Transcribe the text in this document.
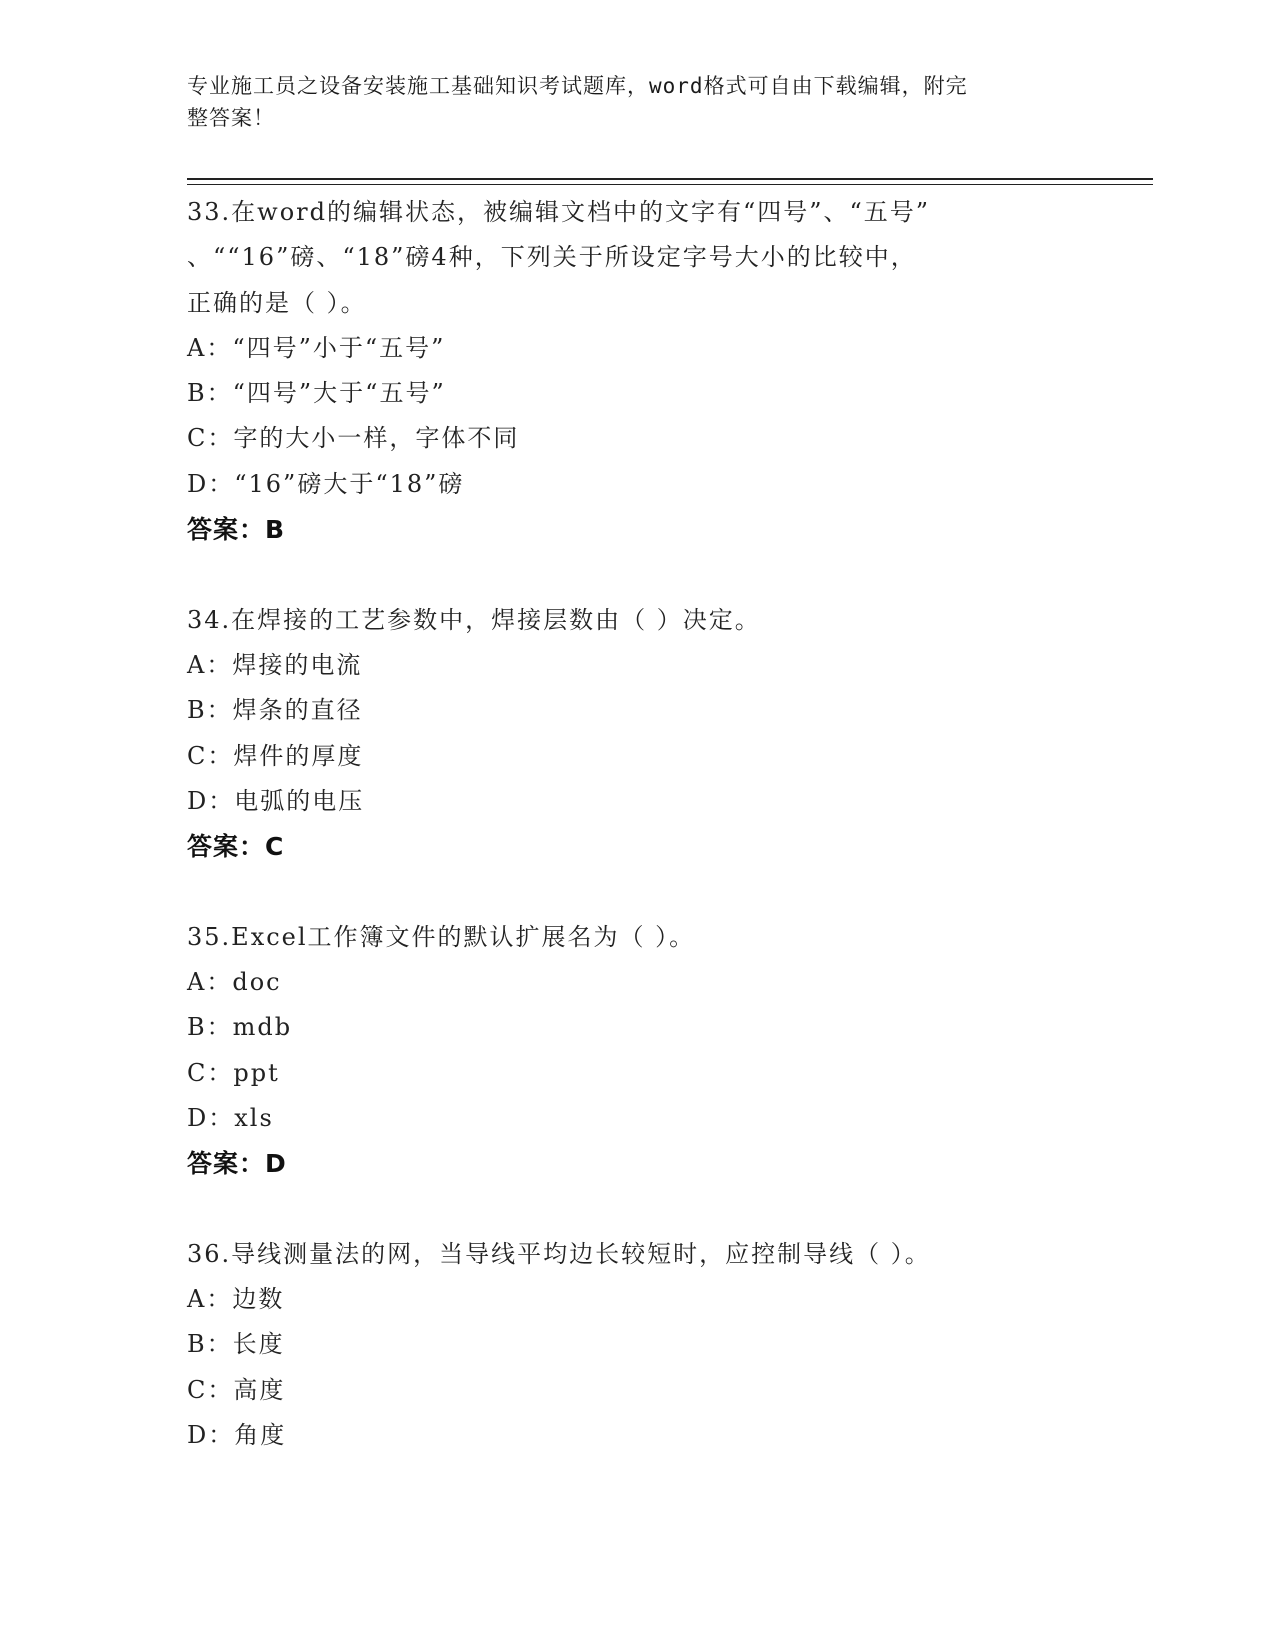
专业施工员之设备安装施工基础知识考试题库，word格式可自由下载编辑，附完
整答案！
33.在word的编辑状态，被编辑文档中的文字有“四号”、“五号”
、““16”磅、“18”磅4种，下列关于所设定字号大小的比较中，
正确的是（ ）。
A：“四号”小于“五号”
B：“四号”大于“五号”
C：字的大小一样，字体不同
D：“16”磅大于“18”磅
答案：B
34.在焊接的工艺参数中，焊接层数由（ ）决定。
A：焊接的电流
B：焊条的直径
C：焊件的厚度
D：电弧的电压
答案：C
35.Excel工作簿文件的默认扩展名为（ ）。
A：doc
B：mdb
C：ppt
D：xls
答案：D
36.导线测量法的网，当导线平均边长较短时，应控制导线（ ）。
A：边数
B：长度
C：高度
D：角度
